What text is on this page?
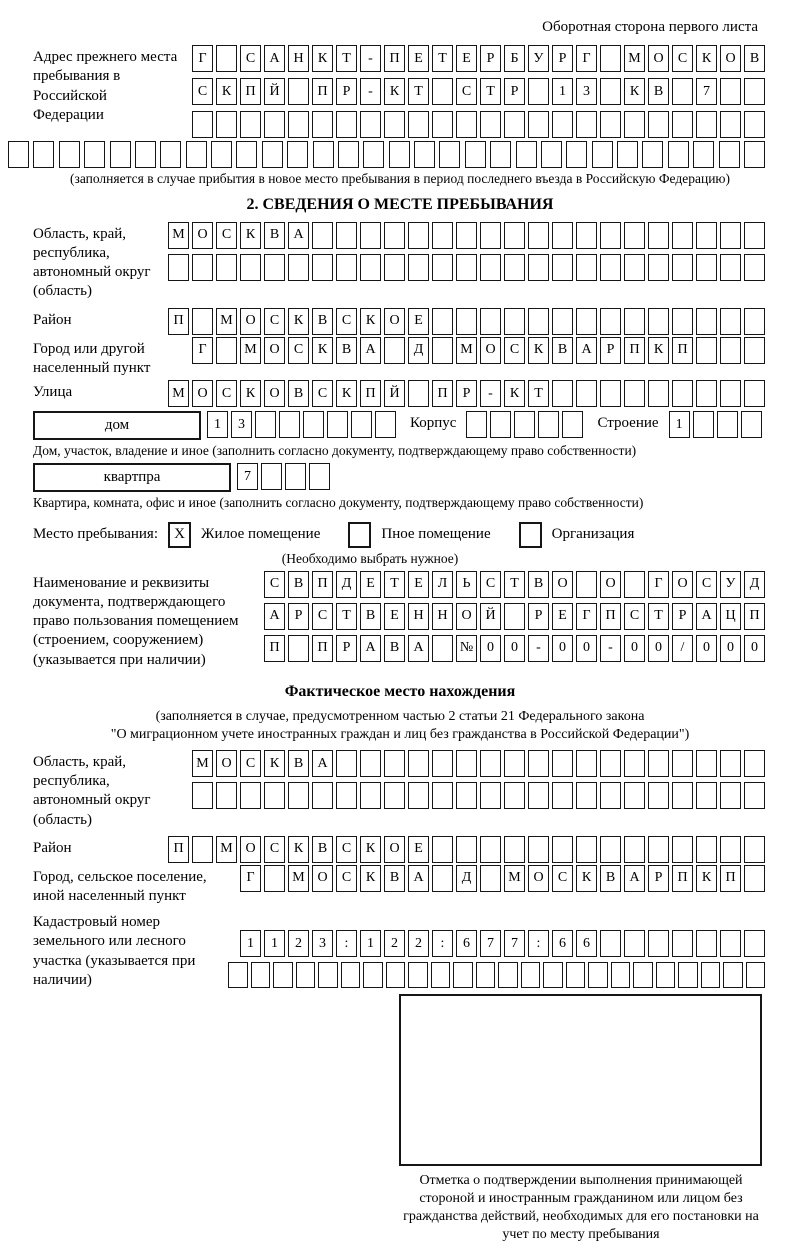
Оборотная сторона первого листа
Адрес прежнего места пребывания в Российской Федерации
Г	С	А Н	К	Т	-	П	Е	Т	Е	Р	Б	У	Р	Г	М О	С	К	О	В
С	К	П Й	П	Р	-	К	Т	С	Т	Р	1	3	К	В	7
(заполняется в случае прибытия в новое место пребывания в период последнего въезда в Российскую Федерацию)
2. СВЕДЕНИЯ О МЕСТЕ ПРЕБЫВАНИЯ
Область, край, республика, автономный округ (область)
М О	С	К	В	А
Район	П	М О	С	К	В	С	К	О	Е
Город или другой населенный пункт
Г	М О	С	К	В	А	Д	М О	С	К	В	А	Р	П	К	П
Улица	М О	С	К	О	В	С	К	П Й	П	Р	-	К	Т
дом	1	3	Корпус	Строение	1
Дом, участок, владение и иное (заполнить согласно документу, подтверждающему право собственности)
квартпра	7
Квартира, комната, офис и иное (заполнить согласно документу, подтверждающему право собственности)
Место пребывания:	X	Жилое помещение	Пное помещение	Организация
(Необходимо выбрать нужное)
Наименование и реквизиты документа, подтверждающего право пользования помещением (строением, сооружением) (указывается при наличии)
С	В	П	Д	Е	Т	Е	Л	Ь	С	Т	В	О	О	Г	О	С	У	Д
А	Р	С	Т	В	Е	Н Н О Й	Р	Е	Г	П	С	Т	Р	А Ц П
П	П	Р	А	В	А	№ 0	0	-	0	0	-	0	0	/	0	0	0
Фактическое место нахождения
(заполняется в случае, предусмотренном частью 2 статьи 21 Федерального закона
"О миграционном учете иностранных граждан и лиц без гражданства в Российской Федерации")
Область, край, республика, автономный округ (область)
М О	С	К	В	А
Район	П	М О	С	К	В	С	К	О	Е
Город, сельское поселение, иной населенный пункт
Г	М О	С	К	В	А	Д	М О	С	К	В	А	Р	П	К	П
Кадастровый номер земельного или лесного участка (указывается при наличии)
1	1	2	3	:	1	2	2	:	6	7	7	:	6	6
Отметка о подтверждении выполнения принимающей стороной и иностранным гражданином или лицом без гражданства действий, необходимых для его постановки на учет по месту пребывания
